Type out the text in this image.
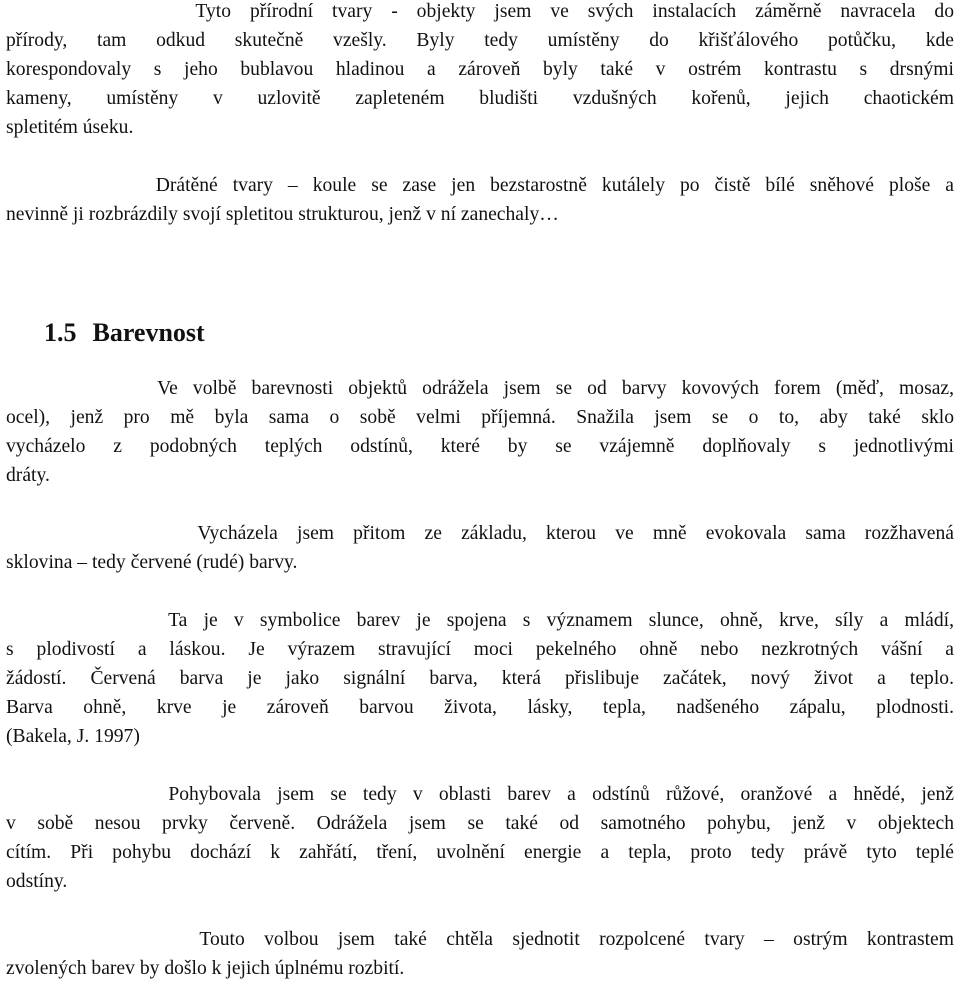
Tyto přírodní tvary - objekty jsem ve svých instalacích záměrně navracela do
přírody, tam odkud skutečně vzešly. Byly tedy umístěny do křišťálového potůčku, kde
korespondovaly s jeho bublavou hladinou a zároveň byly také v ostrém kontrastu s drsnými
kameny, umístěny v uzlovitě zapleteném bludišti vzdušných kořenů, jejich chaotickém
spletitém úseku.
Drátěné tvary – koule se zase jen bezstarostně kutálely po čistě bílé sněhové ploše a
nevinně ji rozbrázdily svojí spletitou strukturou, jenž v ní zanechaly…
1.5 Barevnost
Ve volbě barevnosti objektů odrážela jsem se od barvy kovových forem (měď, mosaz,
ocel), jenž pro mě byla sama o sobě velmi příjemná. Snažila jsem se o to, aby také sklo
vycházelo z podobných teplých odstínů, které by se vzájemně doplňovaly s jednotlivými
dráty.
Vycházela jsem přitom ze základu, kterou ve mně evokovala sama rozžhavená
sklovina – tedy červené (rudé) barvy.
Ta je v symbolice barev je spojena s významem slunce, ohně, krve, síly a mládí,
s plodivostí a láskou. Je výrazem stravující moci pekelného ohně nebo nezkrotných vášní a
žádostí. Červená barva je jako signální barva, která přislibuje začátek, nový život a teplo.
Barva ohně, krve je zároveň barvou života, lásky, tepla, nadšeného zápalu, plodnosti.
(Bakela, J. 1997)
Pohybovala jsem se tedy v oblasti barev a odstínů růžové, oranžové a hnědé, jenž
v sobě nesou prvky červeně. Odrážela jsem se také od samotného pohybu, jenž v objektech
cítím. Při pohybu dochází k zahřátí, tření, uvolnění energie a tepla, proto tedy právě tyto teplé
odstíny.
Touto volbou jsem také chtěla sjednotit rozpolcené tvary – ostrým kontrastem
zvolených barev by došlo k jejich úplnému rozbití.
